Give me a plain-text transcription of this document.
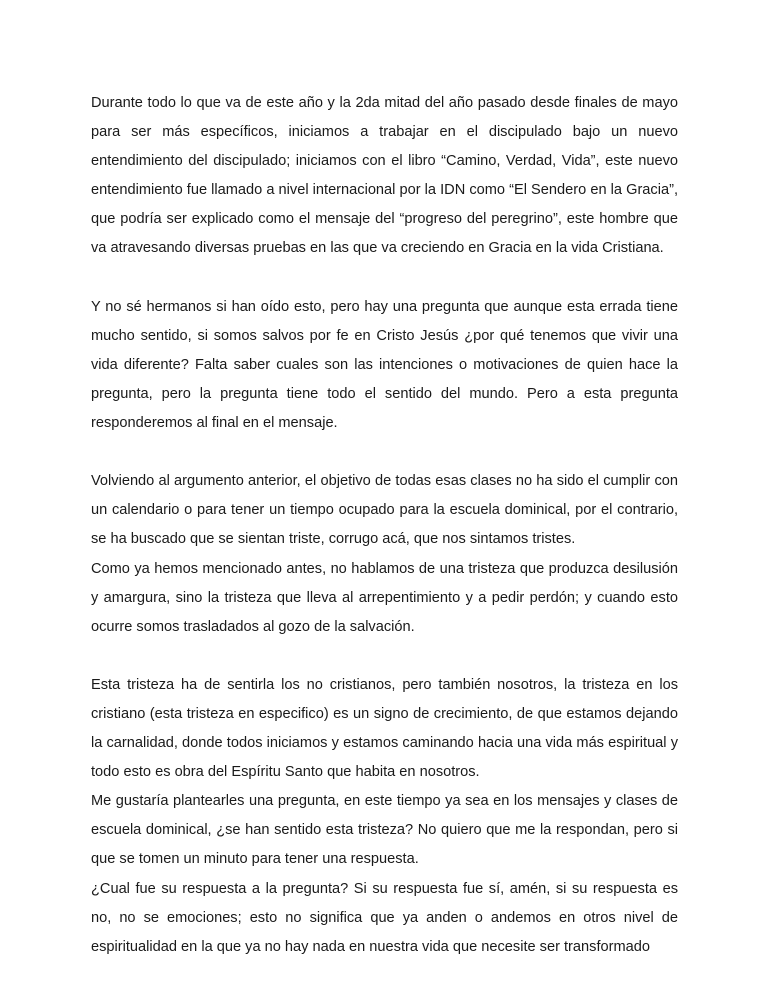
Durante todo lo que va de este año y la 2da mitad del año pasado desde finales de mayo para ser más específicos, iniciamos a trabajar en el discipulado bajo un nuevo entendimiento del discipulado; iniciamos con el libro “Camino, Verdad, Vida”, este nuevo entendimiento fue llamado a nivel internacional por la IDN como “El Sendero en la Gracia”, que podría ser explicado como el mensaje del “progreso del peregrino”, este hombre que va atravesando diversas pruebas en las que va creciendo en Gracia en la vida Cristiana.

Y no sé hermanos si han oído esto, pero hay una pregunta que aunque esta errada tiene mucho sentido, si somos salvos por fe en Cristo Jesús ¿por qué tenemos que vivir una vida diferente? Falta saber cuales son las intenciones o motivaciones de quien hace la pregunta, pero la pregunta tiene todo el sentido del mundo. Pero a esta pregunta responderemos al final en el mensaje.

Volviendo al argumento anterior, el objetivo de todas esas clases no ha sido el cumplir con un calendario o para tener un tiempo ocupado para la escuela dominical, por el contrario, se ha buscado que se sientan triste, corrugo acá, que nos sintamos tristes.

Como ya hemos mencionado antes, no hablamos de una tristeza que produzca desilusión y amargura, sino la tristeza que lleva al arrepentimiento y a pedir perdón; y cuando esto ocurre somos trasladados al gozo de la salvación.

Esta tristeza ha de sentirla los no cristianos, pero también nosotros, la tristeza en los cristiano (esta tristeza en especifico) es un signo de crecimiento, de que estamos dejando la carnalidad, donde todos iniciamos y estamos caminando hacia una vida más espiritual y todo esto es obra del Espíritu Santo que habita en nosotros.

Me gustaría plantearles una pregunta, en este tiempo ya sea en los mensajes y clases de escuela dominical, ¿se han sentido esta tristeza? No quiero que me la respondan, pero si que se tomen un minuto para tener una respuesta.

¿Cual fue su respuesta a la pregunta? Si su respuesta fue sí, amén, si su respuesta es no, no se emociones; esto no significa que ya anden o andemos en otros nivel de espiritualidad en la que ya no hay nada en nuestra vida que necesite ser transformado
